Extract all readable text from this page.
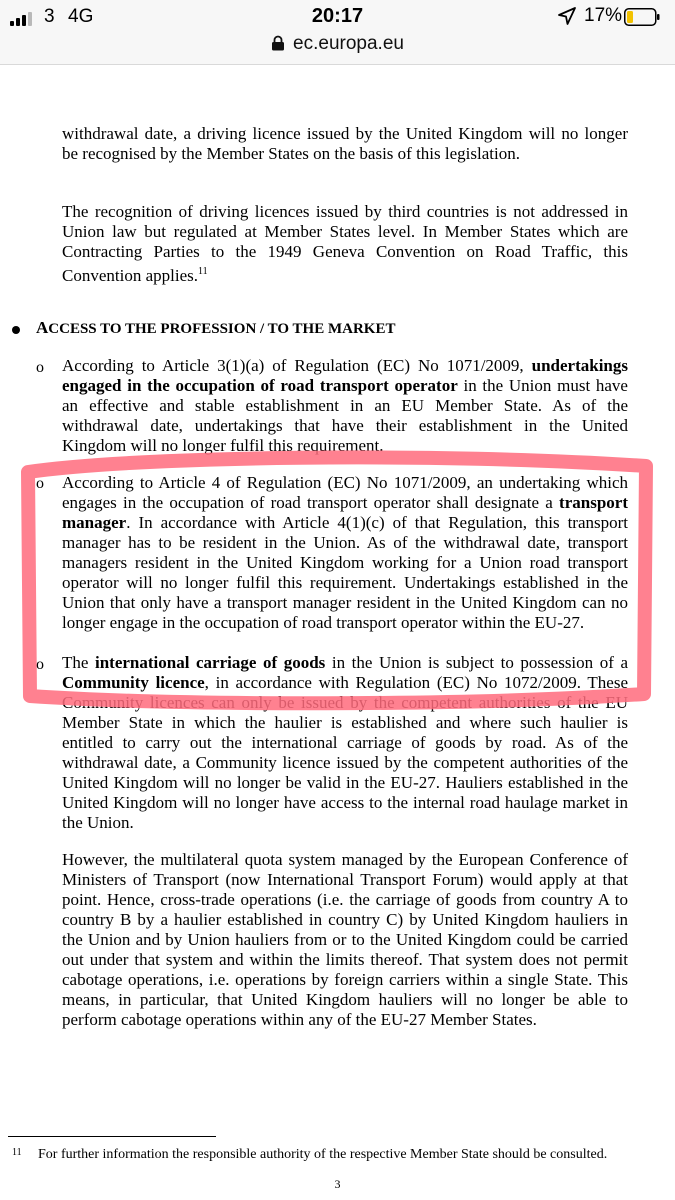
3 4G	20:17	17%
ec.europa.eu
withdrawal date, a driving licence issued by the United Kingdom will no longer
be recognised by the Member States on the basis of this legislation.
The recognition of driving licences issued by third countries is not addressed in
Union law but regulated at Member States level. In Member States which are
Contracting Parties to the 1949 Geneva Convention on Road Traffic, this
Convention applies.$^{11}$
ACCESS TO THE PROFESSION / TO THE MARKET
o According to Article 3(1)(a) of Regulation (EC) No 1071/2009, undertakings
engaged in the occupation of road transport operator in the Union must have
an effective and stable establishment in an EU Member State. As of the
withdrawal date, undertakings that have their establishment in the United
Kingdom will no longer fulfil this requirement.
o According to Article 4 of Regulation (EC) No 1071/2009, an undertaking which
engages in the occupation of road transport operator shall designate a transport
manager. In accordance with Article 4(1)(c) of that Regulation, this transport
manager has to be resident in the Union. As of the withdrawal date, transport
managers resident in the United Kingdom working for a Union road transport
operator will no longer fulfil this requirement. Undertakings established in the
Union that only have a transport manager resident in the United Kingdom can no
longer engage in the occupation of road transport operator within the EU-27.
o The international carriage of goods in the Union is subject to possession of a
Community licence, in accordance with Regulation (EC) No 1072/2009. These
Community licences can only be issued by the competent authorities of the EU
Member State in which the haulier is established and where such haulier is
entitled to carry out the international carriage of goods by road. As of the
withdrawal date, a Community licence issued by the competent authorities of the
United Kingdom will no longer be valid in the EU-27. Hauliers established in the
United Kingdom will no longer have access to the internal road haulage market in
the Union.
However, the multilateral quota system managed by the European Conference of
Ministers of Transport (now International Transport Forum) would apply at that
point. Hence, cross-trade operations (i.e. the carriage of goods from country A to
country B by a haulier established in country C) by United Kingdom hauliers in
the Union and by Union hauliers from or to the United Kingdom could be carried
out under that system and within the limits thereof. That system does not permit
cabotage operations, i.e. operations by foreign carriers within a single State. This
means, in particular, that United Kingdom hauliers will no longer be able to
perform cabotage operations within any of the EU-27 Member States.
11 For further information the responsible authority of the respective Member State should be consulted.
3
